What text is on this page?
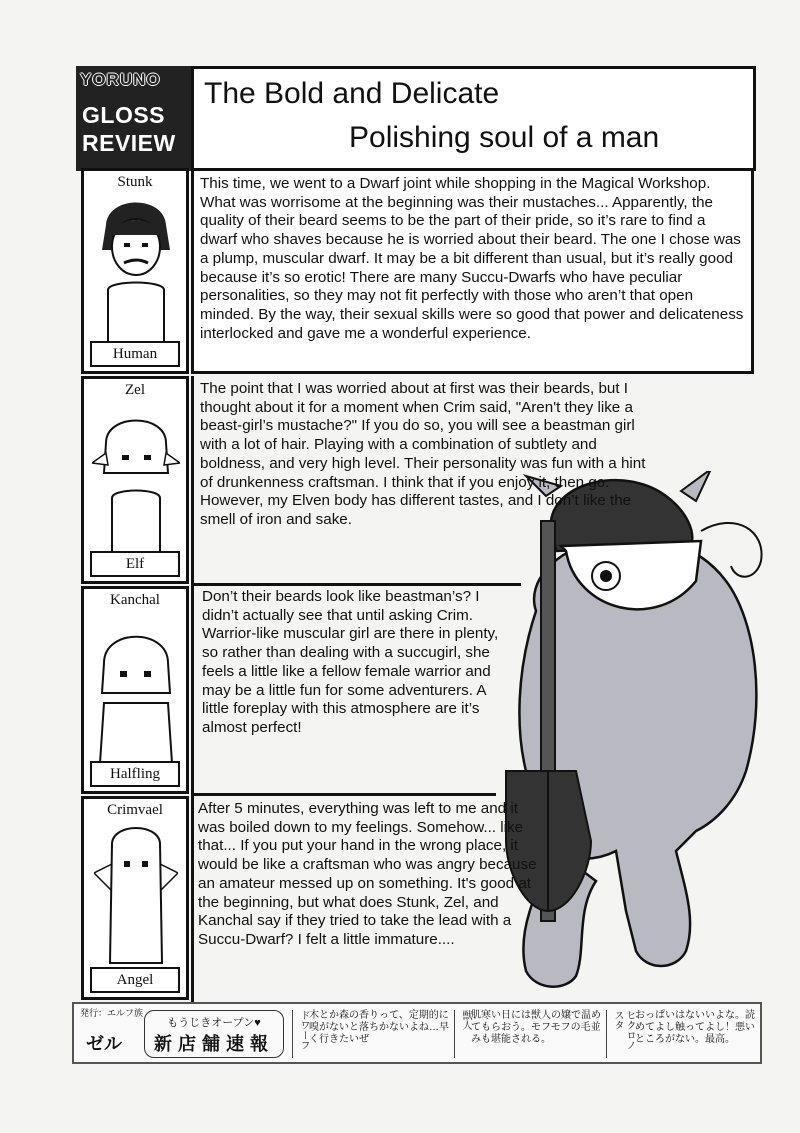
YORUNO
GLOSS
REVIEW
The Bold and Delicate
Polishing soul of a man
Stunk
Human
This time, we went to a Dwarf joint while shopping in the Magical Workshop. What was worrisome at the beginning was their mustaches... Apparently, the quality of their beard seems to be the part of their pride, so it’s rare to find a dwarf who shaves because he is worried about their beard. The one I chose was a plump, muscular dwarf. It may be a bit different than usual, but it’s really good because it’s so erotic! There are many Succu-Dwarfs who have peculiar personalities, so they may not fit perfectly with those who aren’t that open minded. By the way, their sexual skills were so good that power and delicateness interlocked and gave me a wonderful experience.
Zel
Elf
The point that I was worried about at first was their beards, but I thought about it for a moment when Crim said, "Aren't they like a beast-girl’s mustache?" If you do so, you will see a beastman girl with a lot of hair. Playing with a combination of subtlety and boldness, and very high level. Their personality was fun with a hint of drunkenness craftsman. I think that if you enjoy it, then go. However, my Elven body has different tastes, and I don’t like the smell of iron and sake.
Kanchal
Halfling
Don’t their beards look like beastman’s? I didn’t actually see that until asking Crim. Warrior-like muscular girl are there in plenty, so rather than dealing with a succugirl, she feels a little like a fellow female warrior and may be a little fun for some adventurers. A little foreplay with this atmosphere are it’s almost perfect!
Crimvael
Angel
After 5 minutes, everything was left to me and it was boiled down to my feelings. Somehow... like that... If you put your hand in the wrong place, it would be like a craftsman who was angry because an amateur messed up on something. It's good at the beginning, but what does Stunk, Zel, and Kanchal say if they tried to take the lead with a Succu-Dwarf? I felt a little immature....
発行：エルフ族
ゼル
もうじきオープン♥
新店舗速報	ドワーフ 木とか森の香りって、定期的に嗅がないと落ちかないよね…早く行きたいぜ
獣人 肌寒い日には獣人の嬢で温めてもらおう。モフモフの毛並みも堪能される。	ヒクロノスタ	おっぱいはないいよな。読めてよし触ってよし！悪いところがない。最高。
